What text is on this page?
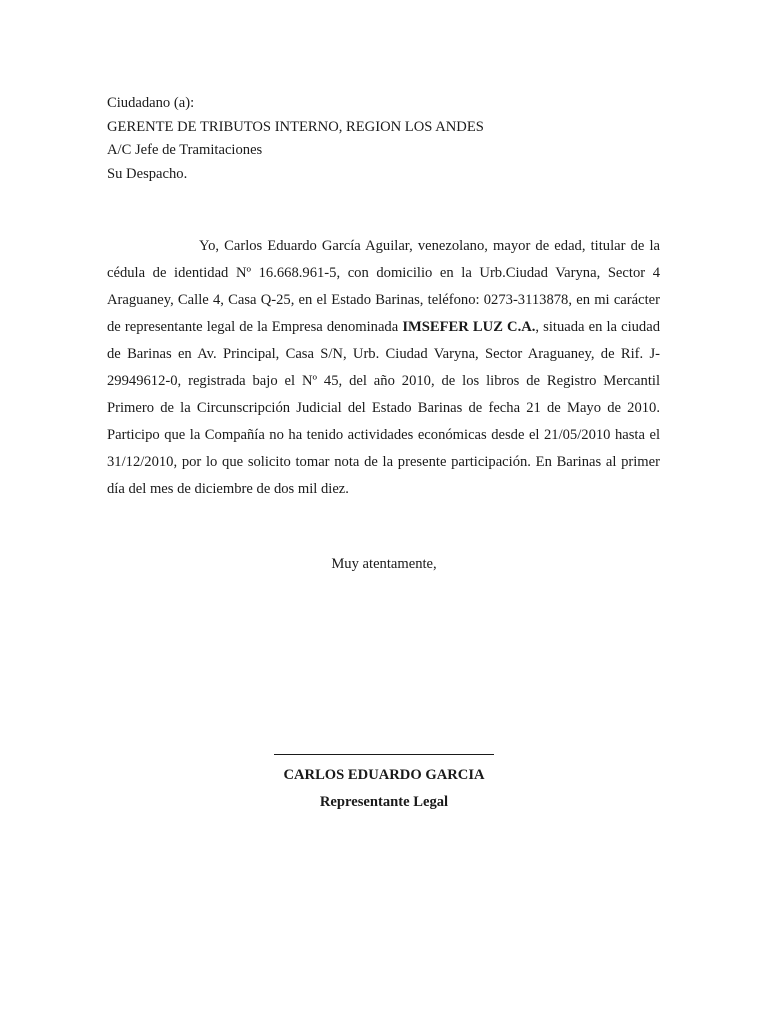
Ciudadano (a):
GERENTE DE TRIBUTOS INTERNO, REGION LOS ANDES
A/C Jefe de Tramitaciones
Su Despacho.
Yo, Carlos Eduardo García Aguilar, venezolano, mayor de edad, titular de la cédula de identidad Nº 16.668.961-5, con domicilio en la Urb.Ciudad Varyna, Sector 4 Araguaney, Calle 4, Casa Q-25, en el Estado Barinas, teléfono: 0273-3113878, en mi carácter de representante legal de la Empresa denominada IMSEFER LUZ C.A., situada en la ciudad de Barinas en Av. Principal, Casa S/N, Urb. Ciudad Varyna, Sector Araguaney, de Rif. J-29949612-0, registrada bajo el Nº 45, del año 2010, de los libros de Registro Mercantil Primero de la Circunscripción Judicial del Estado Barinas de fecha 21 de Mayo de 2010. Participo que la Compañía no ha tenido actividades económicas desde el 21/05/2010 hasta el 31/12/2010, por lo que solicito tomar nota de la presente participación. En Barinas al primer día del mes de diciembre de dos mil diez.
Muy atentamente,
CARLOS EDUARDO GARCIA
Representante Legal
